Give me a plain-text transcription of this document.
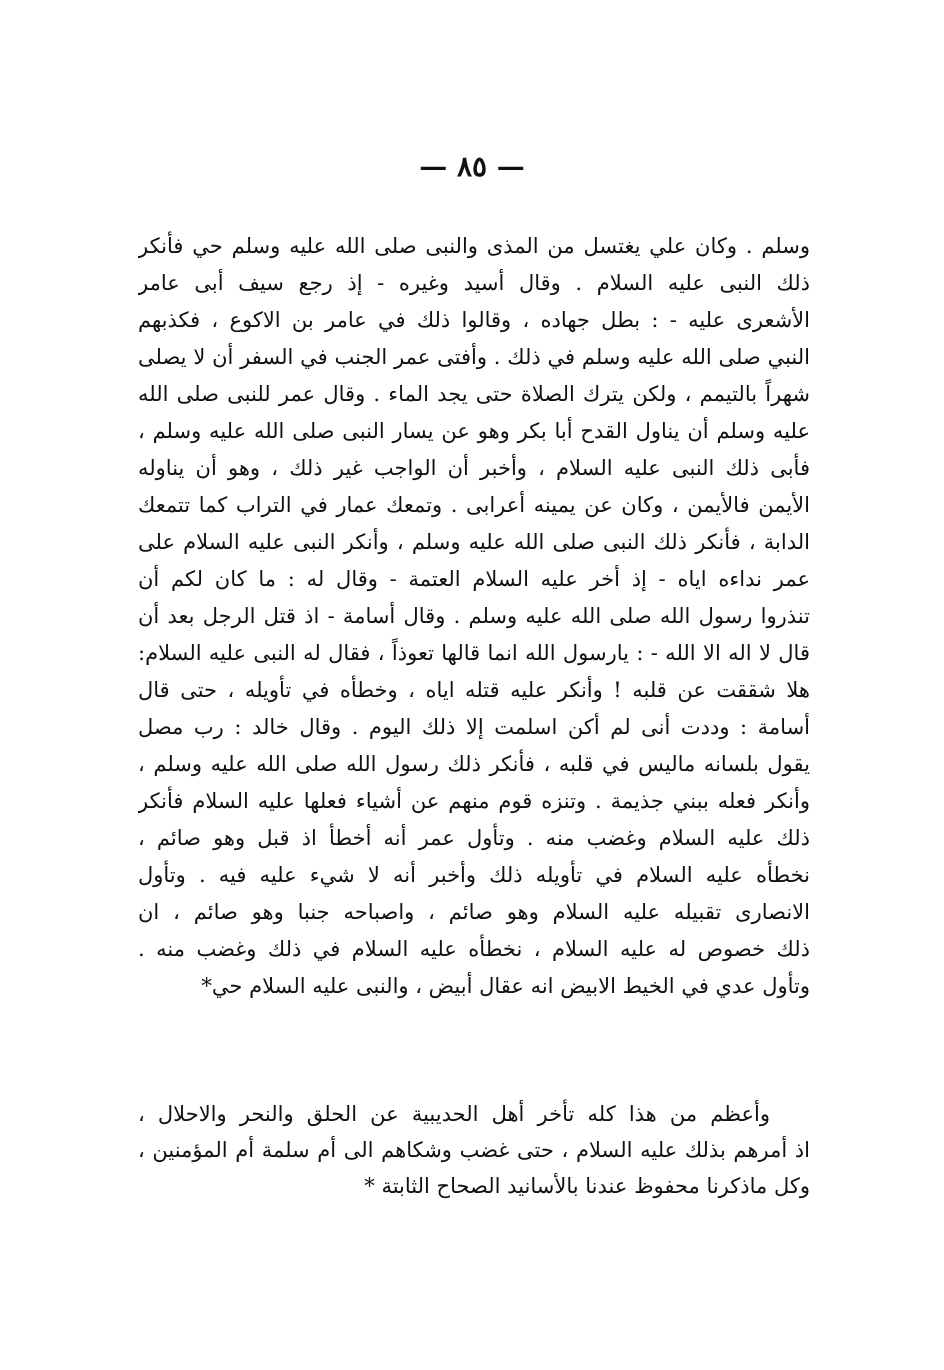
— ٨٥ —
وسلم . وكان علي يغتسل من المذى والنبى صلى الله عليه وسلم حي فأنكر
ذلك النبى عليه السلام . وقال أسيد وغيره - إذ رجع سيف أبى عامر
الأشعرى عليه - : بطل جهاده ، وقالوا ذلك في عامر بن الاكوع ، فكذبهم
النبي صلى الله عليه وسلم في ذلك . وأفتى عمر الجنب في السفر أن لا يصلى
شهراً بالتيمم ، ولكن يترك الصلاة حتى يجد الماء . وقال عمر للنبى صلى الله
عليه وسلم أن يناول القدح أبا بكر وهو عن يسار النبى صلى الله عليه وسلم ،
فأبى ذلك النبى عليه السلام ، وأخبر أن الواجب غير ذلك ، وهو أن يناوله
الأيمن فالأيمن ، وكان عن يمينه أعرابى . وتمعك عمار في التراب كما تتمعك
الدابة ، فأنكر ذلك النبى صلى الله عليه وسلم ، وأنكر النبى عليه السلام على
عمر نداءه اياه - إذ أخر عليه السلام العتمة - وقال له : ما كان لكم أن
تنذروا رسول الله صلى الله عليه وسلم . وقال أسامة - اذ قتل الرجل بعد أن
قال لا اله الا الله - : يارسول الله انما قالها تعوذاً ، فقال له النبى عليه السلام:
هلا شققت عن قلبه ! وأنكر عليه قتله اياه ، وخطأه في تأويله ، حتى قال
أسامة : وددت أنى لم أكن اسلمت إلا ذلك اليوم . وقال خالد : رب مصل
يقول بلسانه ماليس في قلبه ، فأنكر ذلك رسول الله صلى الله عليه وسلم ،
وأنكر فعله ببني جذيمة . وتنزه قوم منهم عن أشياء فعلها عليه السلام فأنكر
ذلك عليه السلام وغضب منه . وتأول عمر أنه أخطأ اذ قبل وهو صائم ،
نخطأه عليه السلام في تأويله ذلك وأخبر أنه لا شيء عليه فيه . وتأول
الانصارى تقبيله عليه السلام وهو صائم ، واصباحه جنبا وهو صائم ، ان
ذلك خصوص له عليه السلام ، نخطأه عليه السلام في ذلك وغضب منه .
وتأول عدي في الخيط الابيض انه عقال أبيض ، والنبى عليه السلام حي*
وأعظم من هذا كله تأخر أهل الحديبية عن الحلق والنحر والاحلال ،
اذ أمرهم بذلك عليه السلام ، حتى غضب وشكاهم الى أم سلمة أم المؤمنين ،
وكل ماذكرنا محفوظ عندنا بالأسانيد الصحاح الثابتة *
